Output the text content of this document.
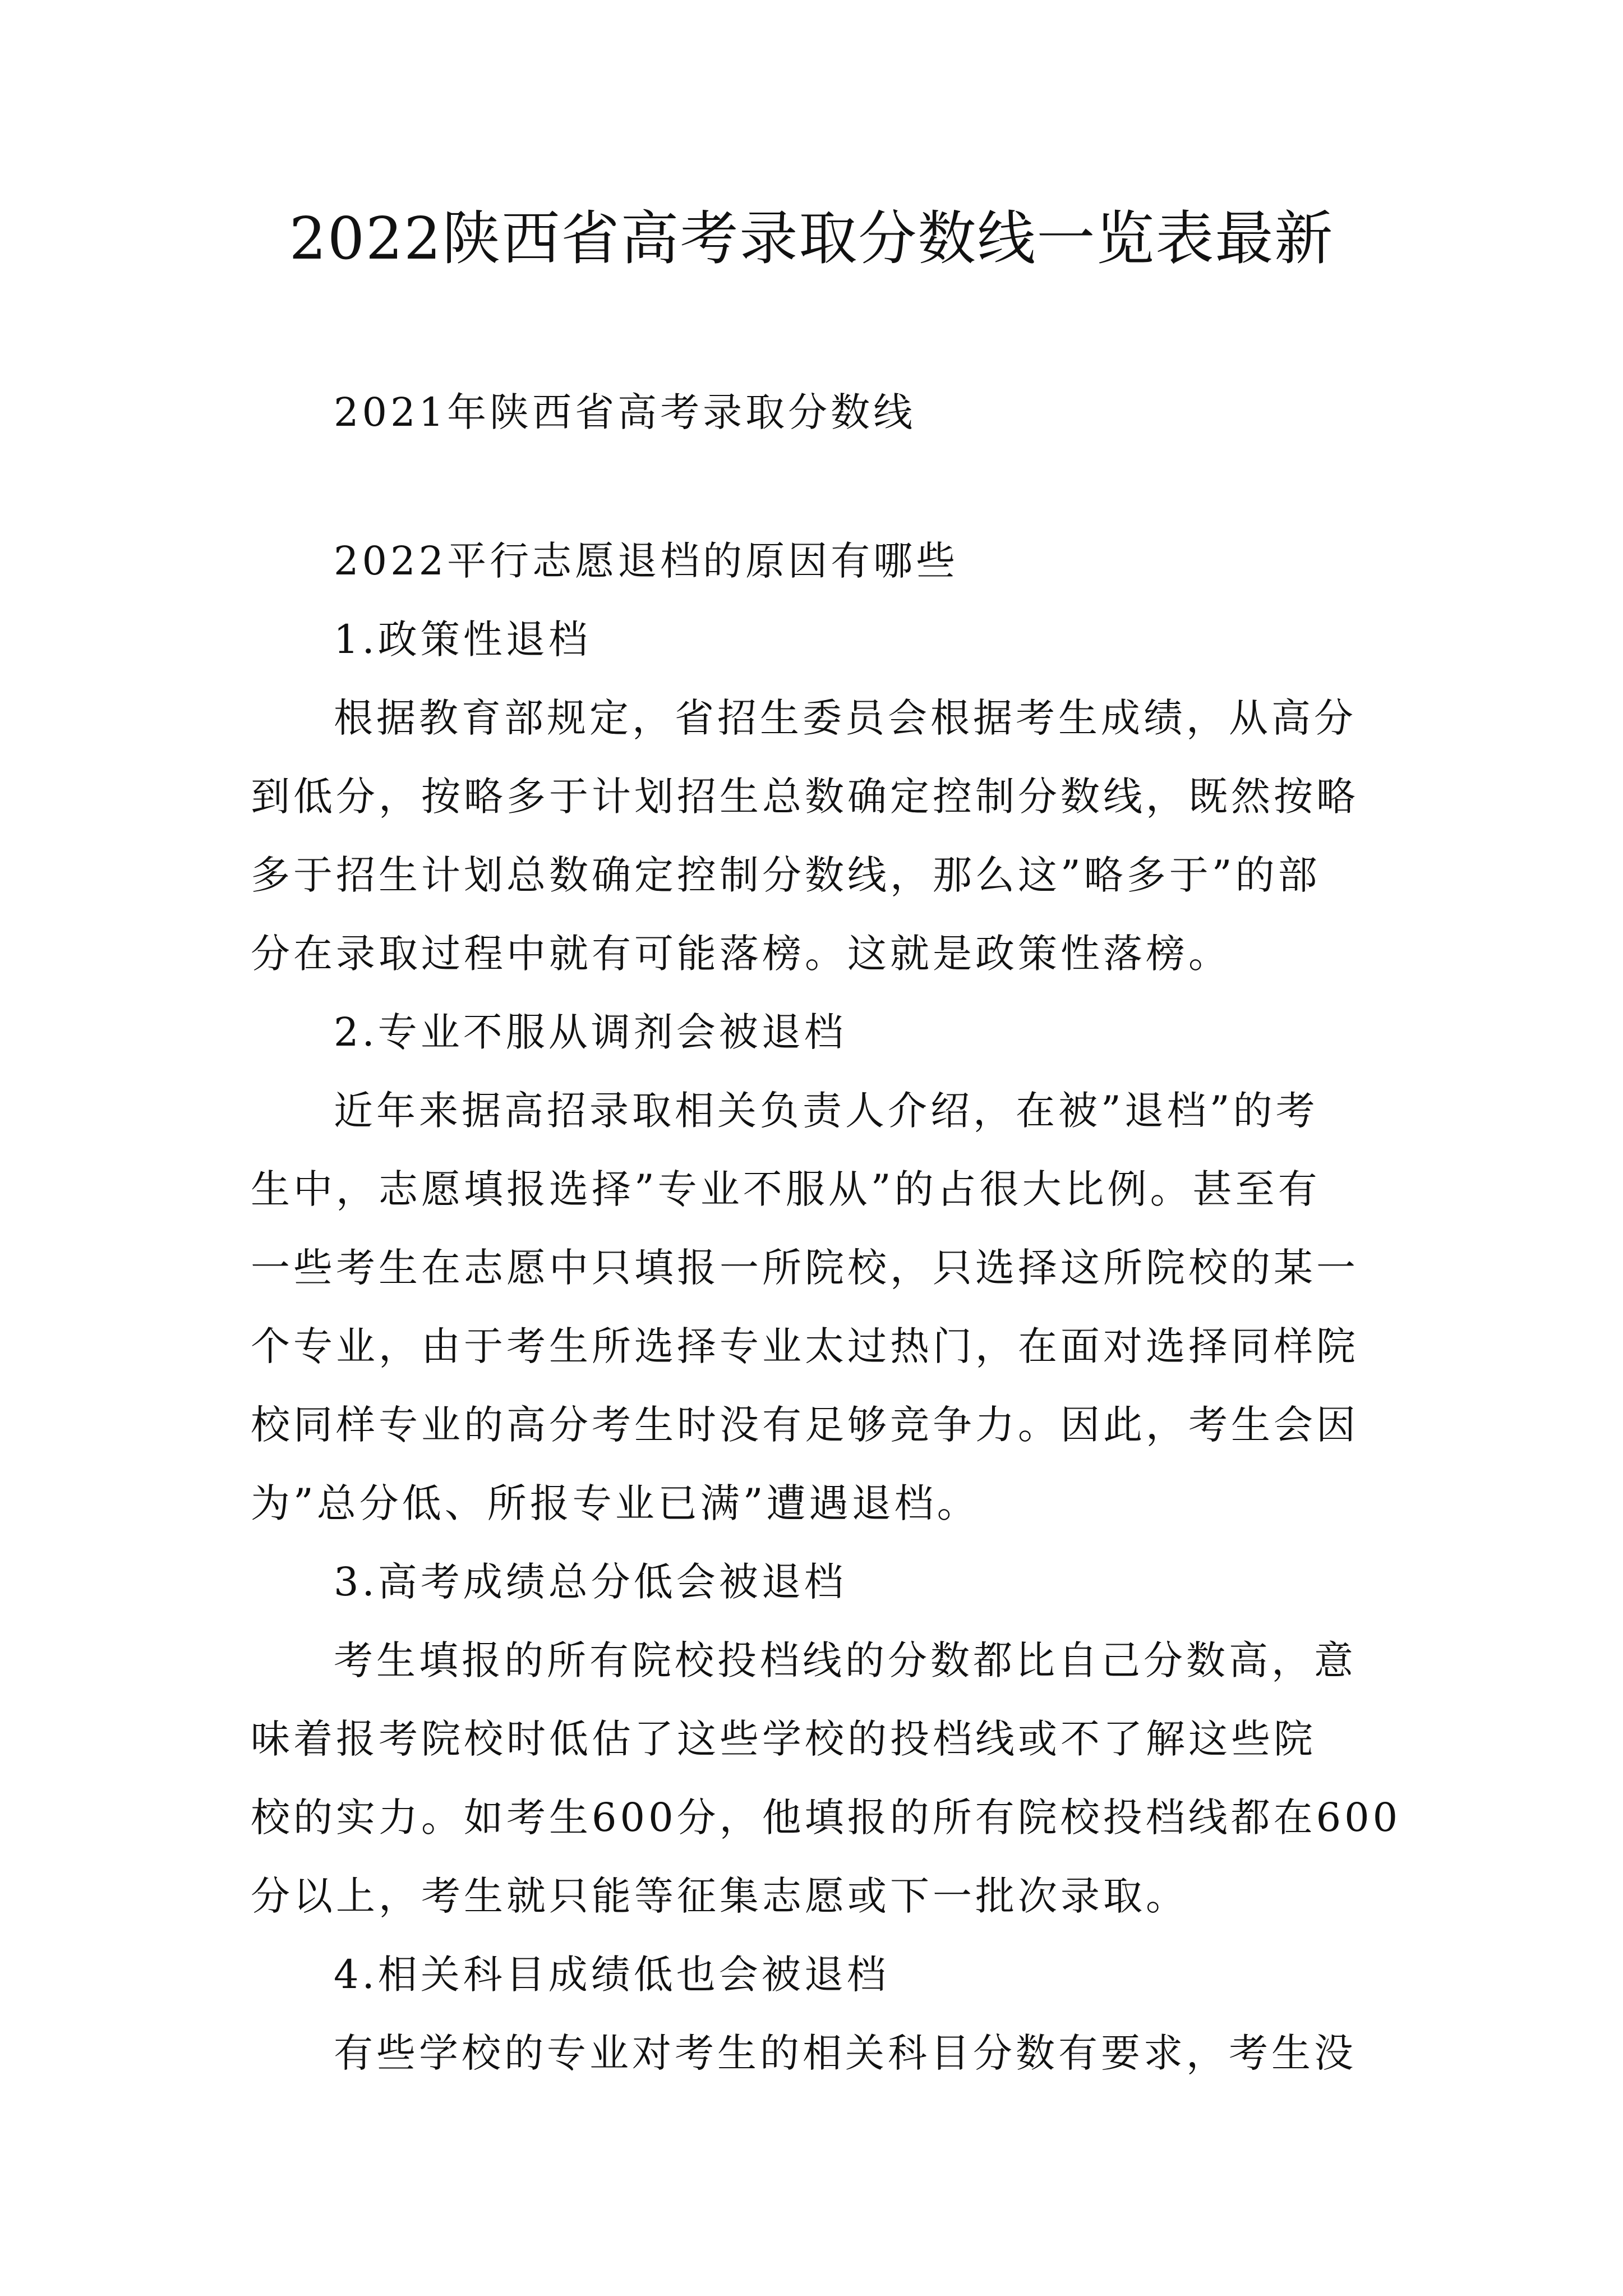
2022陕西省高考录取分数线一览表最新
2021年陕西省高考录取分数线
2022平行志愿退档的原因有哪些
1.政策性退档
根据教育部规定，省招生委员会根据考生成绩，从高分
到低分，按略多于计划招生总数确定控制分数线，既然按略
多于招生计划总数确定控制分数线，那么这”略多于”的部
分在录取过程中就有可能落榜。这就是政策性落榜。
2.专业不服从调剂会被退档
近年来据高招录取相关负责人介绍，在被”退档”的考
生中，志愿填报选择”专业不服从”的占很大比例。甚至有
一些考生在志愿中只填报一所院校，只选择这所院校的某一
个专业，由于考生所选择专业太过热门，在面对选择同样院
校同样专业的高分考生时没有足够竞争力。因此，考生会因
为”总分低、所报专业已满”遭遇退档。
3.高考成绩总分低会被退档
考生填报的所有院校投档线的分数都比自己分数高，意
味着报考院校时低估了这些学校的投档线或不了解这些院
校的实力。如考生600分，他填报的所有院校投档线都在600
分以上，考生就只能等征集志愿或下一批次录取。
4.相关科目成绩低也会被退档
有些学校的专业对考生的相关科目分数有要求，考生没
